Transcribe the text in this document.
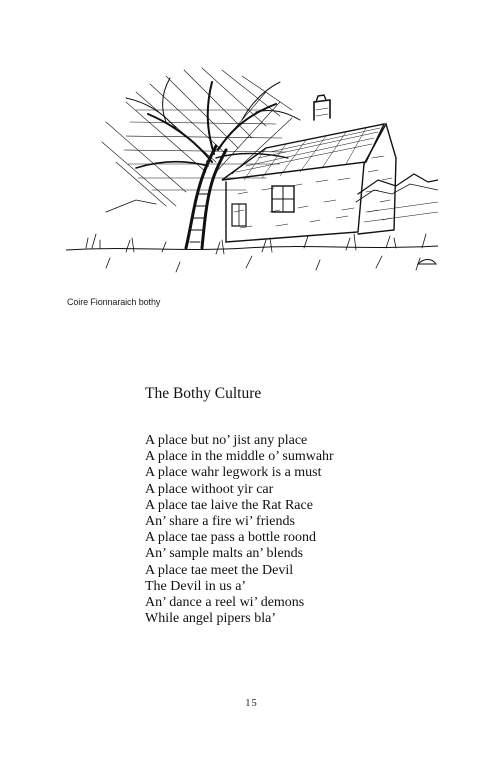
Coire Fionnaraich bothy
The Bothy Culture
A place but no’ jist any place
A place in the middle o’ sumwahr
A place wahr legwork is a must
A place withoot yir car
A place tae laive the Rat Race
An’ share a fire wi’ friends
A place tae pass a bottle roond
An’ sample malts an’ blends
A place tae meet the Devil
The Devil in us a’
An’ dance a reel wi’ demons
While angel pipers bla’
15
